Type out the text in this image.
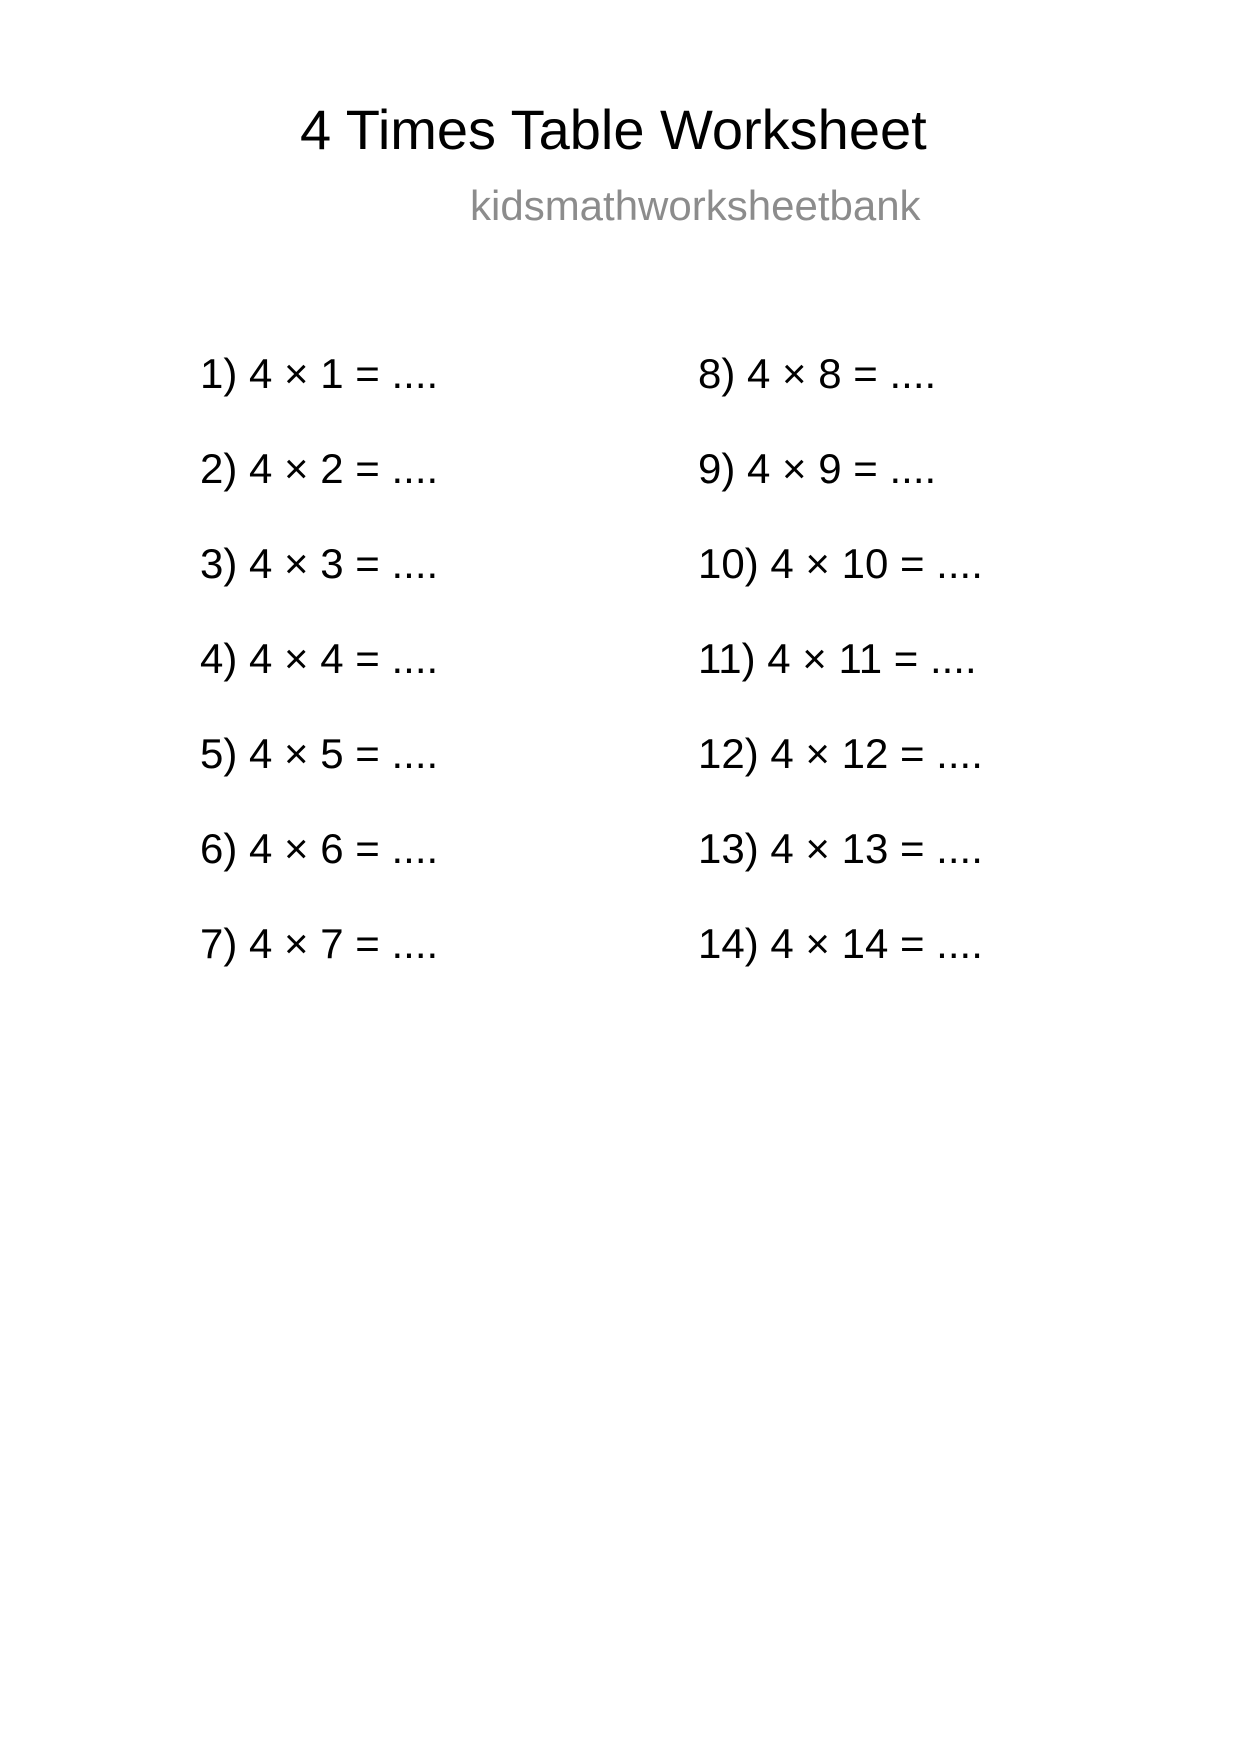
4 Times Table Worksheet
kidsmathworksheetbank
1) 4 × 1 = ....
2) 4 × 2 = ....
3) 4 × 3 = ....
4) 4 × 4 = ....
5) 4 × 5 = ....
6) 4 × 6 = ....
7) 4 × 7 = ....
8) 4 × 8 = ....
9) 4 × 9 = ....
10) 4 × 10 = ....
11) 4 × 11 = ....
12) 4 × 12 = ....
13) 4 × 13 = ....
14) 4 × 14 = ....
